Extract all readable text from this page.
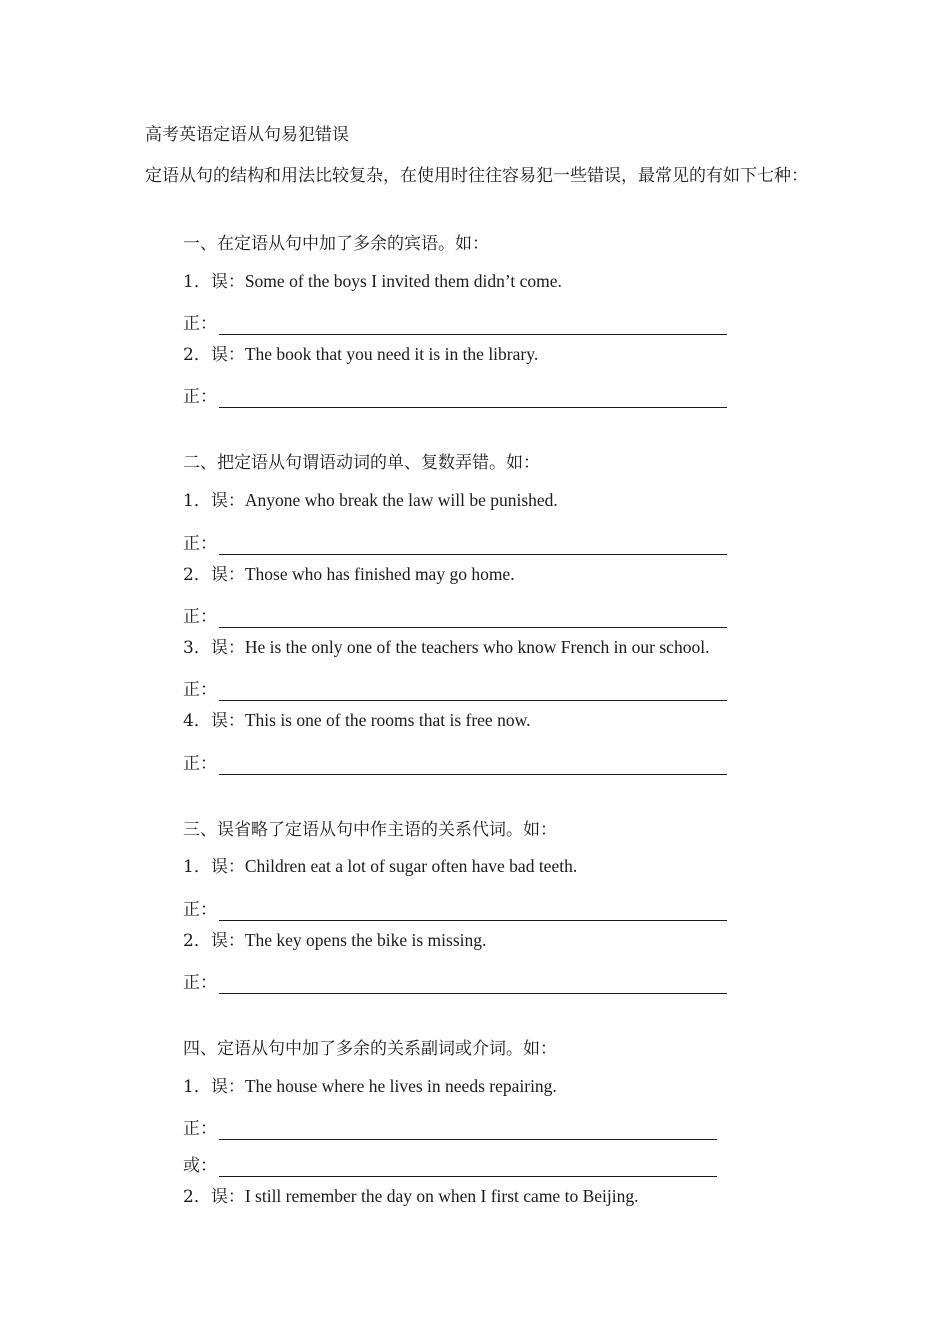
高考英语定语从句易犯错误
定语从句的结构和用法比较复杂，在使用时往往容易犯一些错误，最常见的有如下七种：
一、在定语从句中加了多余的宾语。如：
1．误：Some of the boys I invited them didn’t come.
正：
2．误：The book that you need it is in the library.
正：
二、把定语从句谓语动词的单、复数弄错。如：
1．误：Anyone who break the law will be punished.
正：
2．误：Those who has finished may go home.
正：
3．误：He is the only one of the teachers who know French in our school.
正：
4．误：This is one of the rooms that is free now.
正：
三、误省略了定语从句中作主语的关系代词。如：
1．误：Children eat a lot of sugar often have bad teeth.
正：
2．误：The key opens the bike is missing.
正：
四、定语从句中加了多余的关系副词或介词。如：
1．误：The house where he lives in needs repairing.
正：
或：
2．误：I still remember the day on when I first came to Beijing.
